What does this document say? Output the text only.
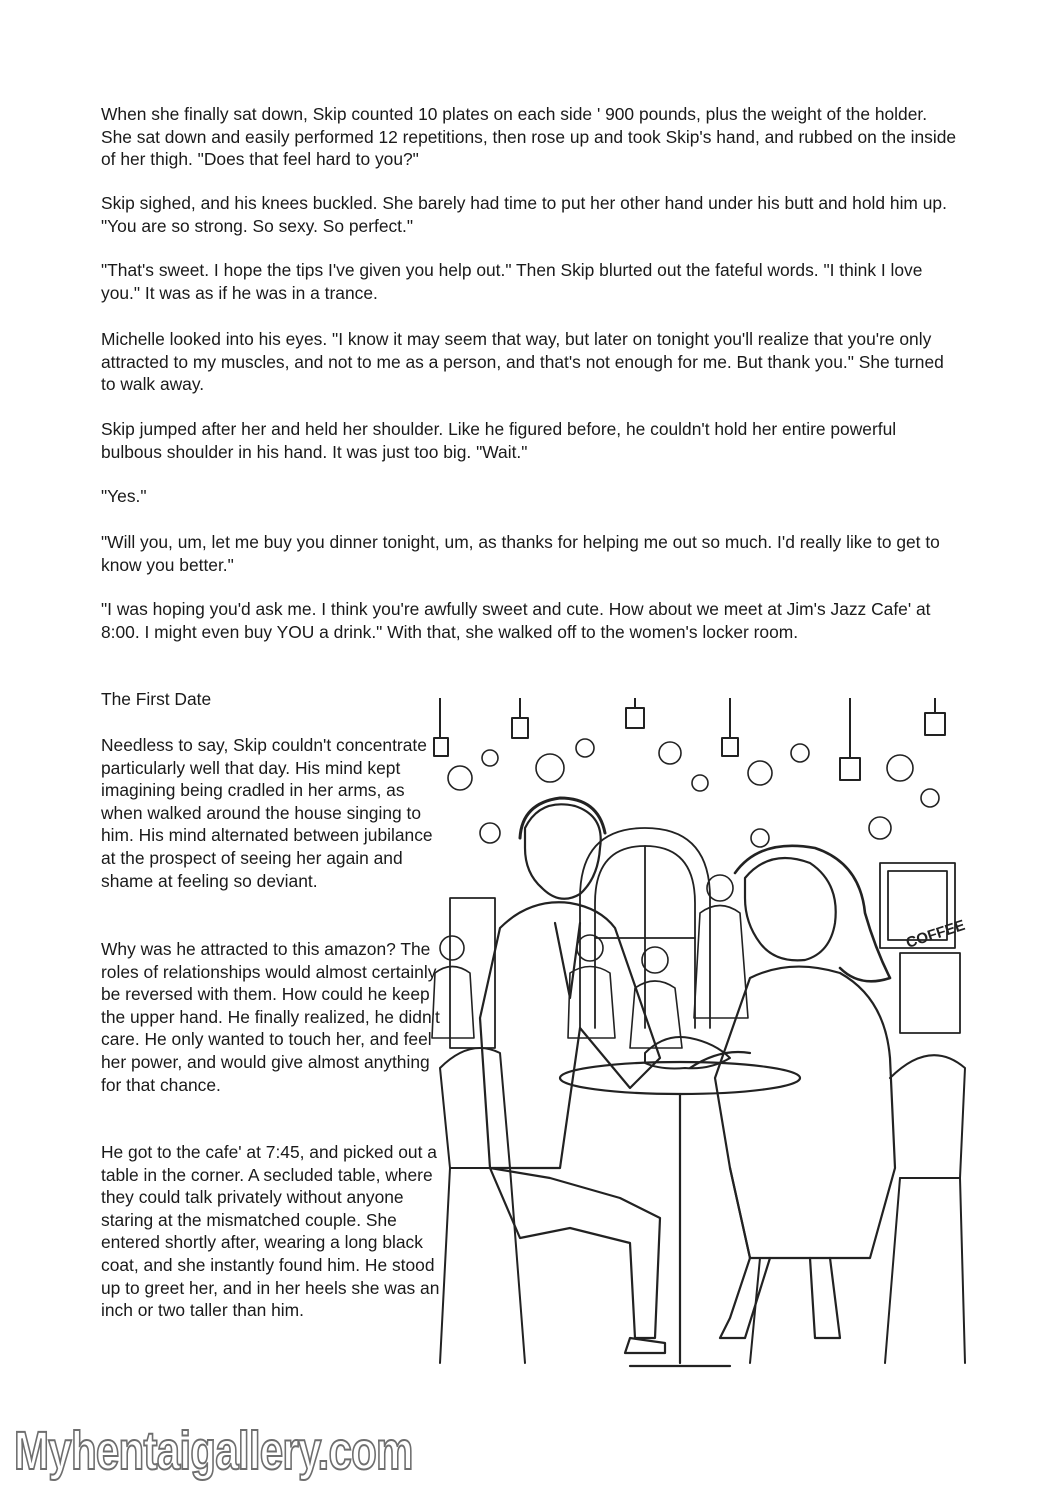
When she finally sat down, Skip counted 10 plates on each side ' 900 pounds, plus the weight of the holder. She sat down and easily performed 12 repetitions, then rose up and took Skip's hand, and rubbed on the inside of her thigh. "Does that feel hard to you?"

Skip sighed, and his knees buckled. She barely had time to put her other hand under his butt and hold him up. "You are so strong. So sexy. So perfect."

"That's sweet. I hope the tips I've given you help out." Then Skip blurted out the fateful words. "I think I love you." It was as if he was in a trance.

Michelle looked into his eyes. "I know it may seem that way, but later on tonight you'll realize that you're only attracted to my muscles, and not to me as a person, and that's not enough for me. But thank you." She turned to walk away.

Skip jumped after her and held her shoulder. Like he figured before, he couldn't hold her entire powerful bulbous shoulder in his hand. It was just too big. "Wait."

"Yes."

"Will you, um, let me buy you dinner tonight, um, as thanks for helping me out so much. I'd really like to get to know you better."

"I was hoping you'd ask me. I think you're awfully sweet and cute. How about we meet at Jim's Jazz Cafe' at 8:00. I might even buy YOU a drink." With that, she walked off to the women's locker room.

The First Date

Needless to say, Skip couldn't concentrate particularly well that day. His mind kept imagining being cradled in her arms, as when walked around the house singing to him. His mind alternated between jubilance at the prospect of seeing her again and shame at feeling so deviant.

Why was he attracted to this amazon? The roles of relationships would almost certainly be reversed with them. How could he keep the upper hand. He finally realized, he didn't care. He only wanted to touch her, and feel her power, and would give almost anything for that chance.

He got to the cafe' at 7:45, and picked out a table in the corner. A secluded table, where they could talk privately without anyone staring at the mismatched couple. She entered shortly after, wearing a long black coat, and she instantly found him. He stood up to greet her, and in her heels she was an inch or two taller than him.

COFFEE
Myhentaigallery.com
